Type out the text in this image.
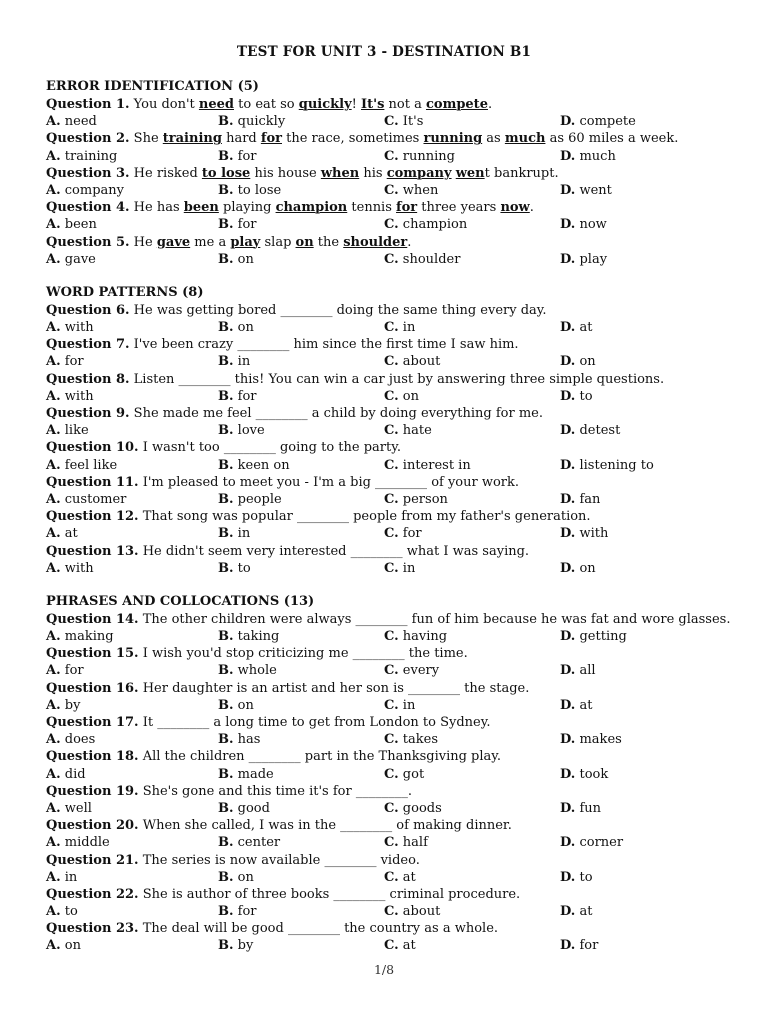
TEST FOR UNIT 3 - DESTINATION B1
ERROR IDENTIFICATION (5)
Question 1. You don't need to eat so quickly! It's not a compete.
A. need	B. quickly	C. It's	D. compete
Question 2. She training hard for the race, sometimes running as much as 60 miles a week.
A. training	B. for	C. running	D. much
Question 3. He risked to lose his house when his company went bankrupt.
A. company	B. to lose	C. when	D. went
Question 4. He has been playing champion tennis for three years now.
A. been	B. for	C. champion	D. now
Question 5. He gave me a play slap on the shoulder.
A. gave	B. on	C. shoulder	D. play
WORD PATTERNS (8)
Question 6. He was getting bored ________ doing the same thing every day.
A. with	B. on	C. in	D. at
Question 7. I've been crazy ________ him since the first time I saw him.
A. for	B. in	C. about	D. on
Question 8. Listen ________ this! You can win a car just by answering three simple questions.
A. with	B. for	C. on	D. to
Question 9. She made me feel ________ a child by doing everything for me.
A. like	B. love	C. hate	D. detest
Question 10. I wasn't too ________ going to the party.
A. feel like	B. keen on	C. interest in	D. listening to
Question 11. I'm pleased to meet you - I'm a big ________ of your work.
A. customer	B. people	C. person	D. fan
Question 12. That song was popular ________ people from my father's generation.
A. at	B. in	C. for	D. with
Question 13. He didn't seem very interested ________ what I was saying.
A. with	B. to	C. in	D. on
PHRASES AND COLLOCATIONS (13)
Question 14. The other children were always ________ fun of him because he was fat and wore glasses.
A. making	B. taking	C. having	D. getting
Question 15. I wish you'd stop criticizing me ________ the time.
A. for	B. whole	C. every	D. all
Question 16. Her daughter is an artist and her son is ________ the stage.
A. by	B. on	C. in	D. at
Question 17. It ________ a long time to get from London to Sydney.
A. does	B. has	C. takes	D. makes
Question 18. All the children ________ part in the Thanksgiving play.
A. did	B. made	C. got	D. took
Question 19. She's gone and this time it's for ________.
A. well	B. good	C. goods	D. fun
Question 20. When she called, I was in the ________ of making dinner.
A. middle	B. center	C. half	D. corner
Question 21. The series is now available ________ video.
A. in	B. on	C. at	D. to
Question 22. She is author of three books ________ criminal procedure.
A. to	B. for	C. about	D. at
Question 23. The deal will be good ________ the country as a whole.
A. on	B. by	C. at	D. for
1/8
